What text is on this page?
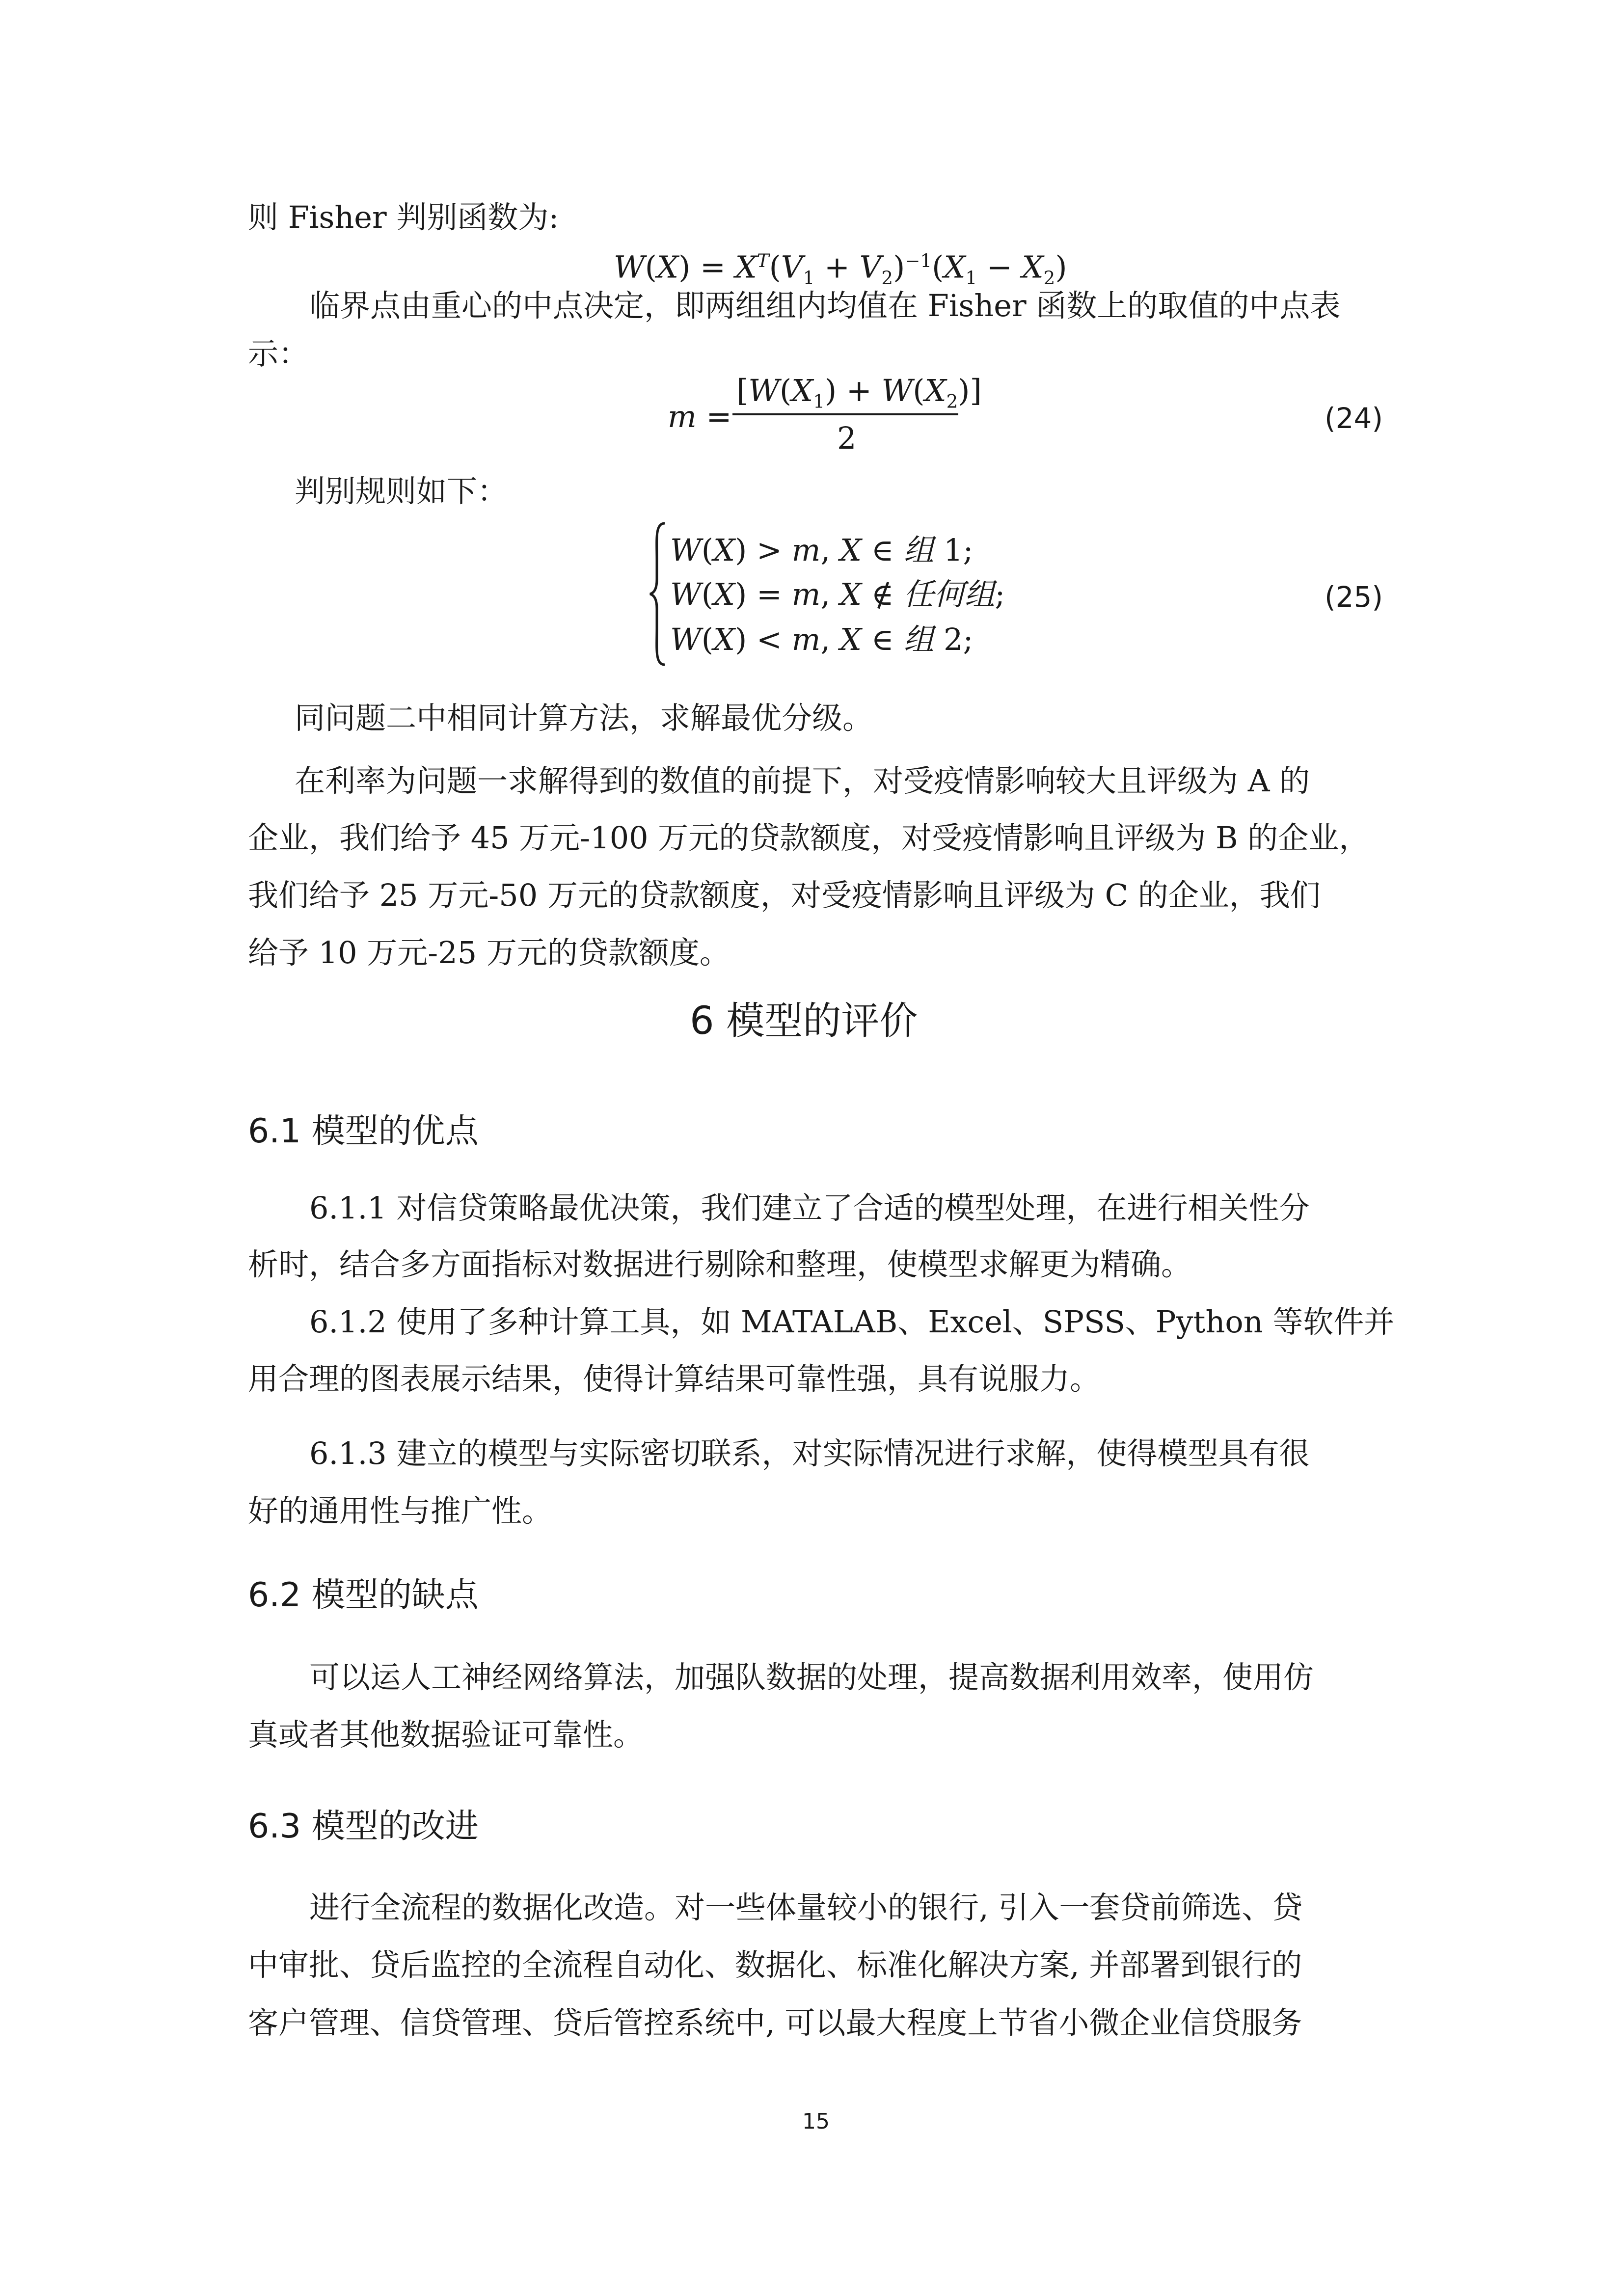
则 Fisher 判别函数为:
$W(X) = X^T(V_1 + V_2)^{-1}(X_1 - X_2)$
临界点由重心的中点决定，即两组组内均值在 Fisher 函数上的取值的中点表
示：
m =
$[W(X_1) + W(X_2)]$
2
(24)
判别规则如下：
W(X) > m, X ∈ 组 1;
W(X) = m, X ∉ 任何组;
W(X) < m, X ∈ 组 2;
(25)
同问题二中相同计算方法，求解最优分级。
在利率为问题一求解得到的数值的前提下，对受疫情影响较大且评级为 A 的
企业，我们给予 45 万元-100 万元的贷款额度，对受疫情影响且评级为 B 的企业，
我们给予 25 万元-50 万元的贷款额度，对受疫情影响且评级为 C 的企业，我们
给予 10 万元-25 万元的贷款额度。
6 模型的评价
6.1 模型的优点
6.1.1 对信贷策略最优决策，我们建立了合适的模型处理，在进行相关性分
析时，结合多方面指标对数据进行剔除和整理，使模型求解更为精确。
6.1.2 使用了多种计算工具，如 MATALAB、Excel、SPSS、Python 等软件并
用合理的图表展示结果，使得计算结果可靠性强，具有说服力。
6.1.3 建立的模型与实际密切联系，对实际情况进行求解，使得模型具有很
好的通用性与推广性。
6.2 模型的缺点
可以运人工神经网络算法，加强队数据的处理，提高数据利用效率，使用仿
真或者其他数据验证可靠性。
6.3 模型的改进
进行全流程的数据化改造。对一些体量较小的银行, 引入一套贷前筛选、贷
中审批、贷后监控的全流程自动化、数据化、标准化解决方案, 并部署到银行的
客户管理、信贷管理、贷后管控系统中, 可以最大程度上节省小微企业信贷服务
15
